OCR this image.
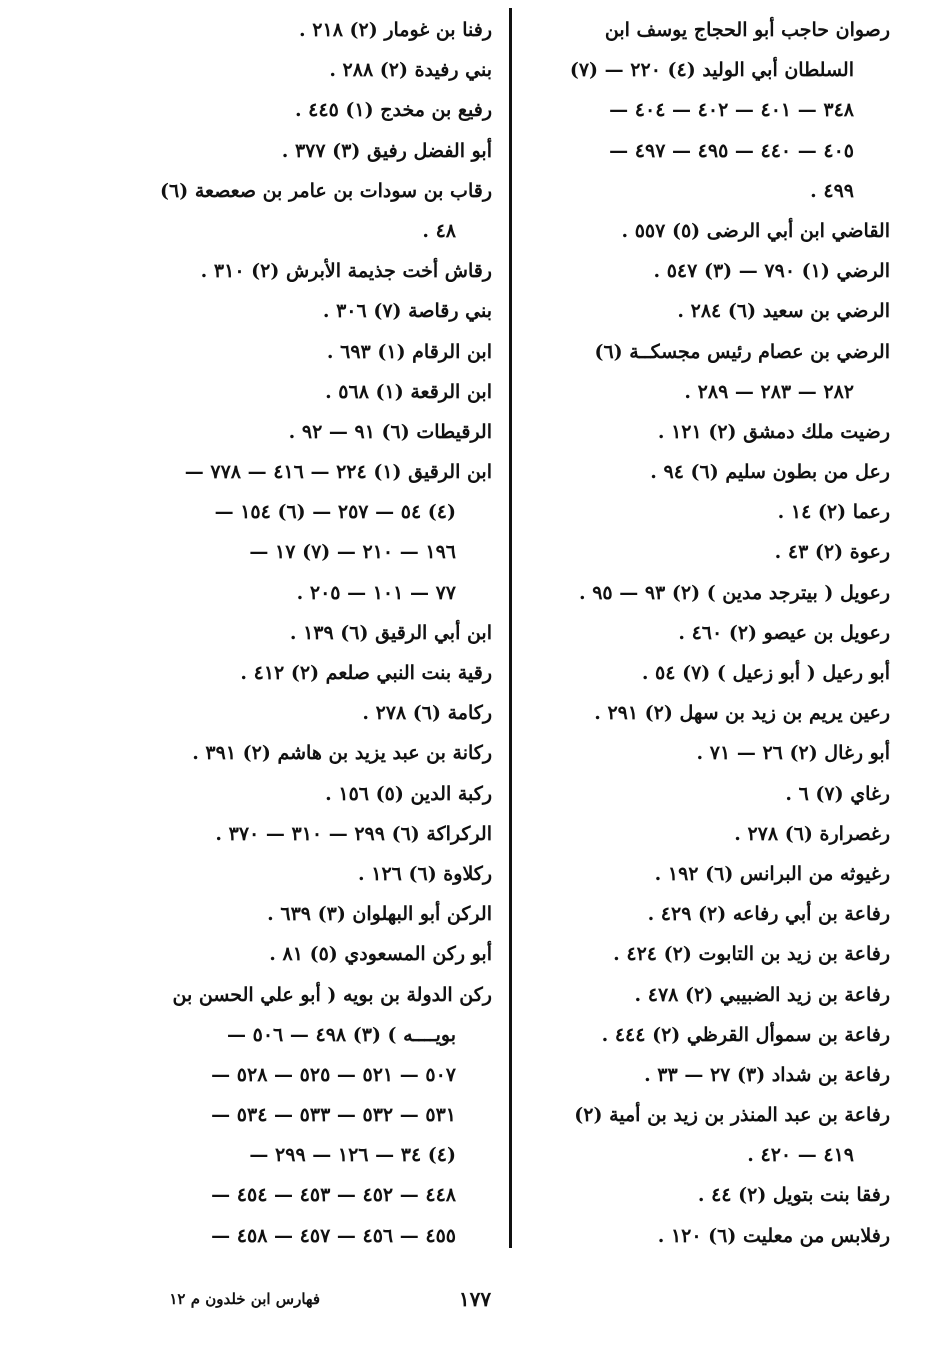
رصوان حاجب أبو الحجاج يوسف ابن
السلطان أبي الوليد (٤) ٢٢٠ — (٧)
٣٤٨ — ٤٠١ — ٤٠٢ — ٤٠٤ —
٤٠٥ — ٤٤٠ — ٤٩٥ — ٤٩٧ —
٤٩٩ .
القاضي ابن أبي الرضى (٥) ٥٥٧ .
الرضي (١) ٧٩٠ — (٣) ٥٤٧ .
الرضي بن سعيد (٦) ٢٨٤ .
الرضي بن عصام رئيس مجسكــة (٦)
٢٨٢ — ٢٨٣ — ٢٨٩ .
رضيت ملك دمشق (٢) ١٢١ .
رعل من بطون سليم (٦) ٩٤ .
رعما (٢) ١٤ .
رعوة (٢) ٤٣ .
رعويل ( بيترجد مدين ) (٢) ٩٣ — ٩٥ .
رعويل بن عيصو (٢) ٤٦٠ .
أبو رعيل ( أبو زعيل ) (٧) ٥٤ .
رعين يريم بن زيد بن سهل (٢) ٢٩١ .
أبو رغال (٢) ٢٦ — ٧١ .
رغاي (٧) ٦ .
رغصرارة (٦) ٢٧٨ .
رغيوثه من البرانس (٦) ١٩٢ .
رفاعة بن أبي رفاعه (٢) ٤٢٩ .
رفاعة بن زيد بن التابوت (٢) ٤٢٤ .
رفاعة بن زيد الضبيبي (٢) ٤٧٨ .
رفاعة بن سموأل القرظي (٢) ٤٤٤ .
رفاعة بن شداد (٣) ٢٧ — ٣٣ .
رفاعة بن عبد المنذر بن زيد بن أمية (٢)
٤١٩ — ٤٢٠ .
رفقا بنت بتويل (٢) ٤٤ .
رفلابس من معليت (٦) ١٢٠ .
رفنا بن غومار (٢) ٢١٨ .
بني رفيدة (٢) ٢٨٨ .
رفيع بن مخدج (١) ٤٤٥ .
أبو الفضل رفيق (٣) ٣٧٧ .
رقاب بن سودات بن عامر بن صعصعة (٦)
٤٨ .
رقاش أخت جذيمة الأبرش (٢) ٣١٠ .
بني رقاصة (٧) ٣٠٦ .
ابن الرقام (١) ٦٩٣ .
ابن الرقعة (١) ٥٦٨ .
الرقيطات (٦) ٩١ — ٩٢ .
ابن الرقيق (١) ٢٢٤ — ٤١٦ — ٧٧٨ —
(٤) ٥٤ — ٢٥٧ — (٦) ١٥٤ —
١٩٦ — ٢١٠ — (٧) ١٧ —
٧٧ — ١٠١ — ٢٠٥ .
ابن أبي الرقيق (٦) ١٣٩ .
رقية بنت النبي صلعم (٢) ٤١٢ .
ركامة (٦) ٢٧٨ .
ركانة بن عبد يزيد بن هاشم (٢) ٣٩١ .
ركبة الدين (٥) ١٥٦ .
الركراكة (٦) ٢٩٩ — ٣١٠ — ٣٧٠ .
ركلاوة (٦) ١٢٦ .
الركن أبو البهلوان (٣) ٦٣٩ .
أبو ركن المسعودي (٥) ٨١ .
ركن الدولة بن بويه ( أبو علي الحسن بن
بويــــه ) (٣) ٤٩٨ — ٥٠٦ —
٥٠٧ — ٥٢١ — ٥٢٥ — ٥٢٨ —
٥٣١ — ٥٣٢ — ٥٣٣ — ٥٣٤ —
(٤) ٣٤ — ١٢٦ — ٢٩٩ —
٤٤٨ — ٤٥٢ — ٤٥٣ — ٤٥٤ —
٤٥٥ — ٤٥٦ — ٤٥٧ — ٤٥٨ —
١٧٧
فهارس ابن خلدون م ١٢
